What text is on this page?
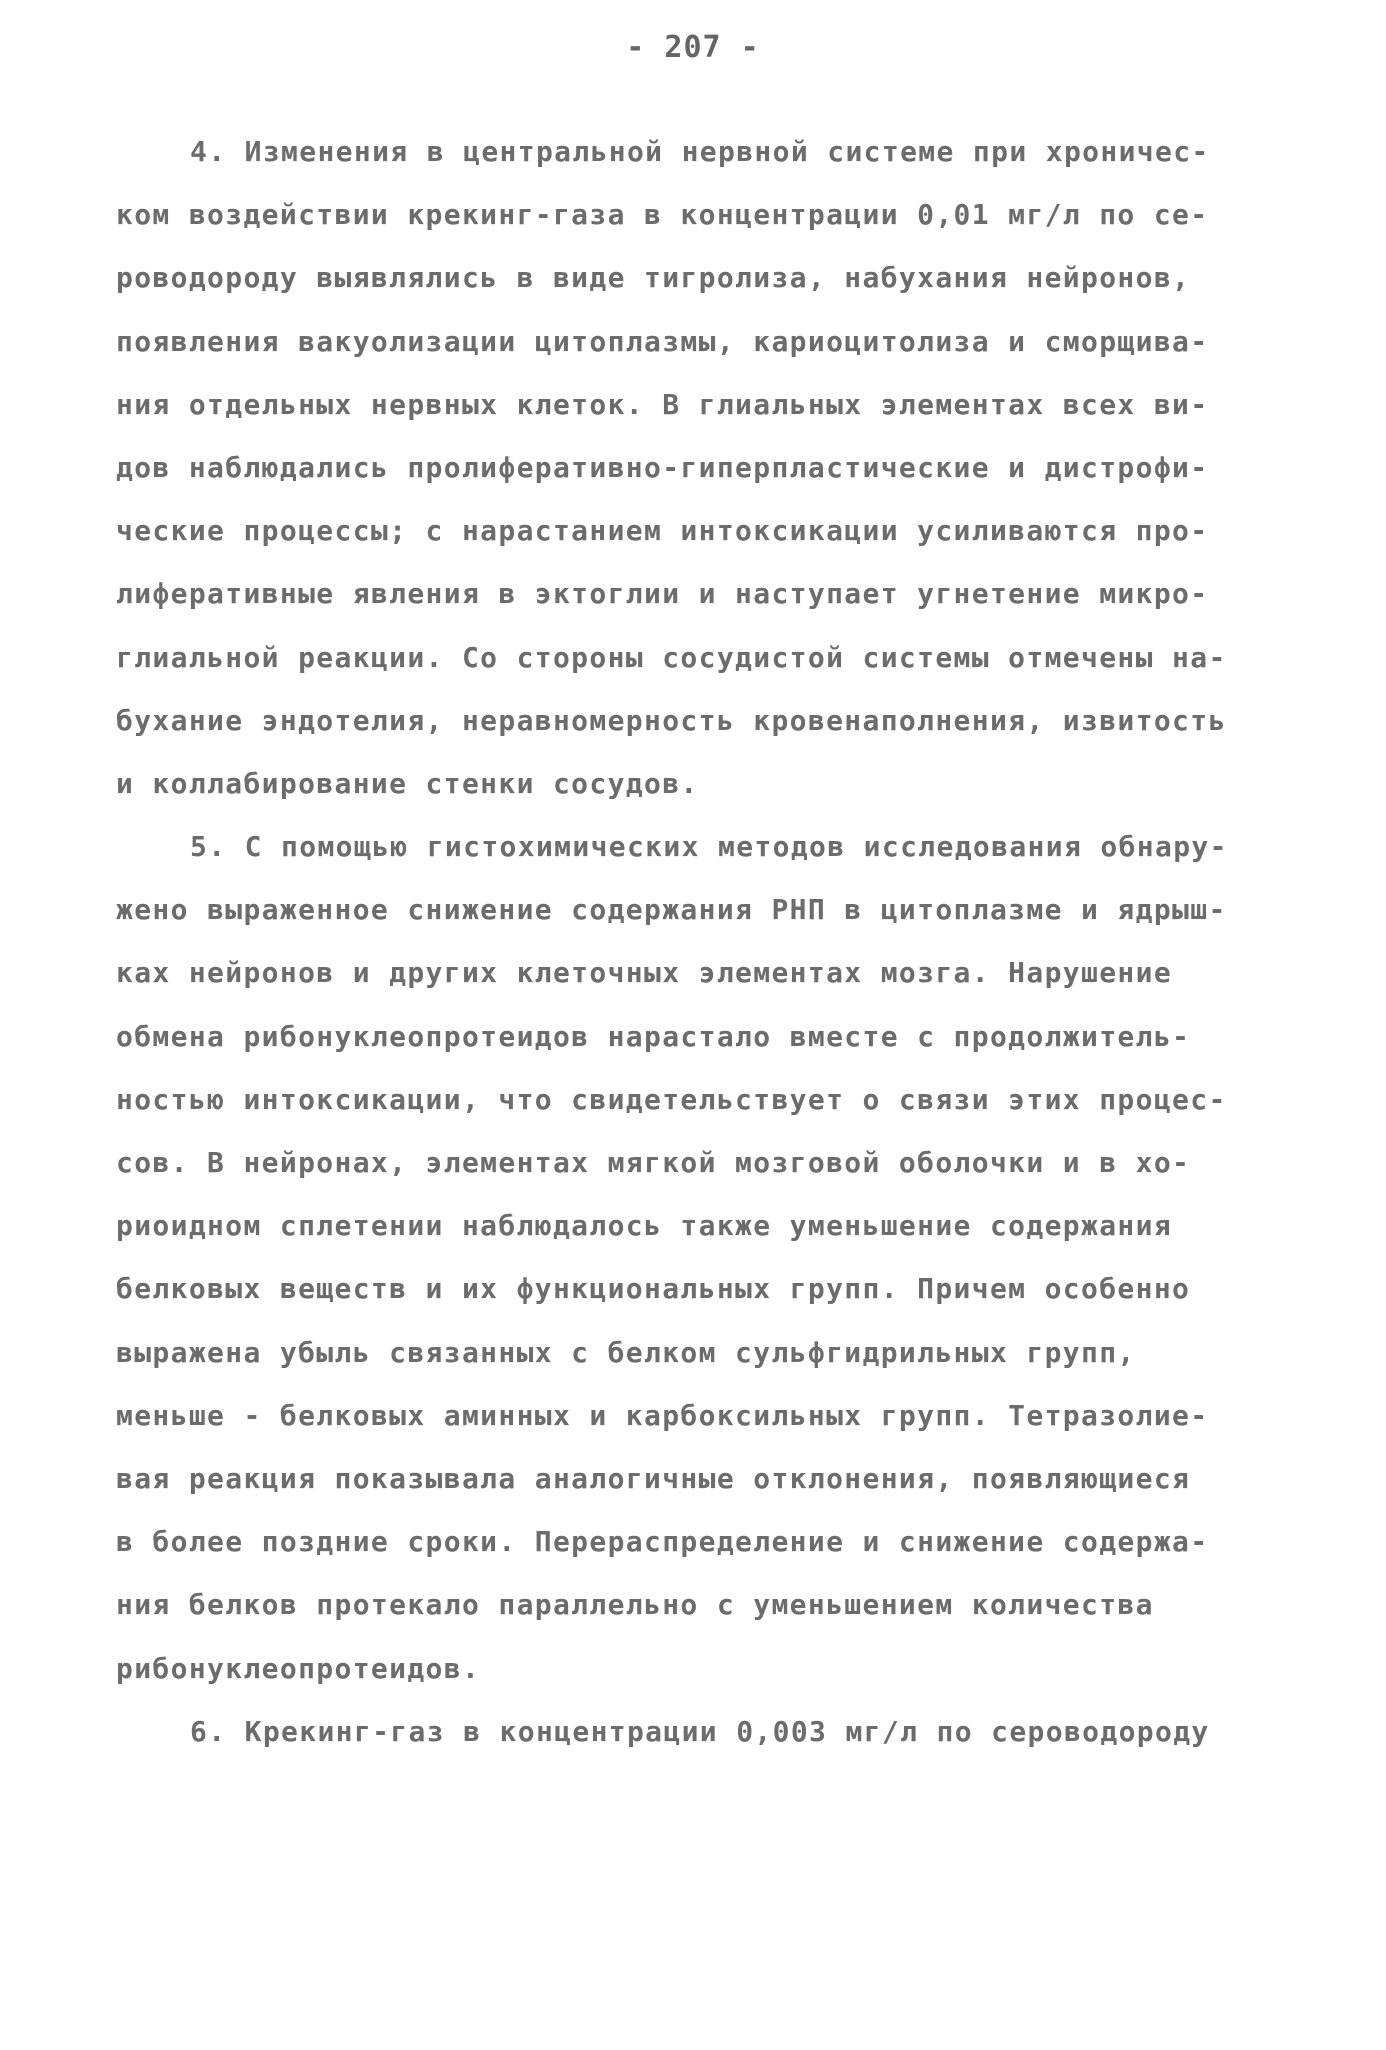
- 207 -
4. Изменения в центральной нервной системе при хроничес-
ком воздействии крекинг-газа в концентрации 0,01 мг/л по се-
роводороду выявлялись в виде тигролиза, набухания нейронов,
появления вакуолизации цитоплазмы, кариоцитолиза и сморщива-
ния отдельных нервных клеток. В глиальных элементах всех ви-
дов наблюдались пролиферативно-гиперпластические и дистрофи-
ческие процессы; с нарастанием интоксикации усиливаются про-
лиферативные явления в эктоглии и наступает угнетение микро-
глиальной реакции. Со стороны сосудистой системы отмечены на-
бухание эндотелия, неравномерность кровенаполнения, извитость
и коллабирование стенки сосудов.
5. С помощью гистохимических методов исследования обнару-
жено выраженное снижение содержания РНП в цитоплазме и ядрыш-
ках нейронов и других клеточных элементах мозга. Нарушение
обмена рибонуклеопротеидов нарастало вместе с продолжитель-
ностью интоксикации, что свидетельствует о связи этих процес-
сов. В нейронах, элементах мягкой мозговой оболочки и в хо-
риоидном сплетении наблюдалось также уменьшение содержания
белковых веществ и их функциональных групп. Причем особенно
выражена убыль связанных с белком сульфгидрильных групп,
меньше - белковых аминных и карбоксильных групп. Тетразолие-
вая реакция показывала аналогичные отклонения, появляющиеся
в более поздние сроки. Перераспределение и снижение содержа-
ния белков протекало параллельно с уменьшением количества
рибонуклеопротеидов.
6. Крекинг-газ в концентрации 0,003 мг/л по сероводороду
